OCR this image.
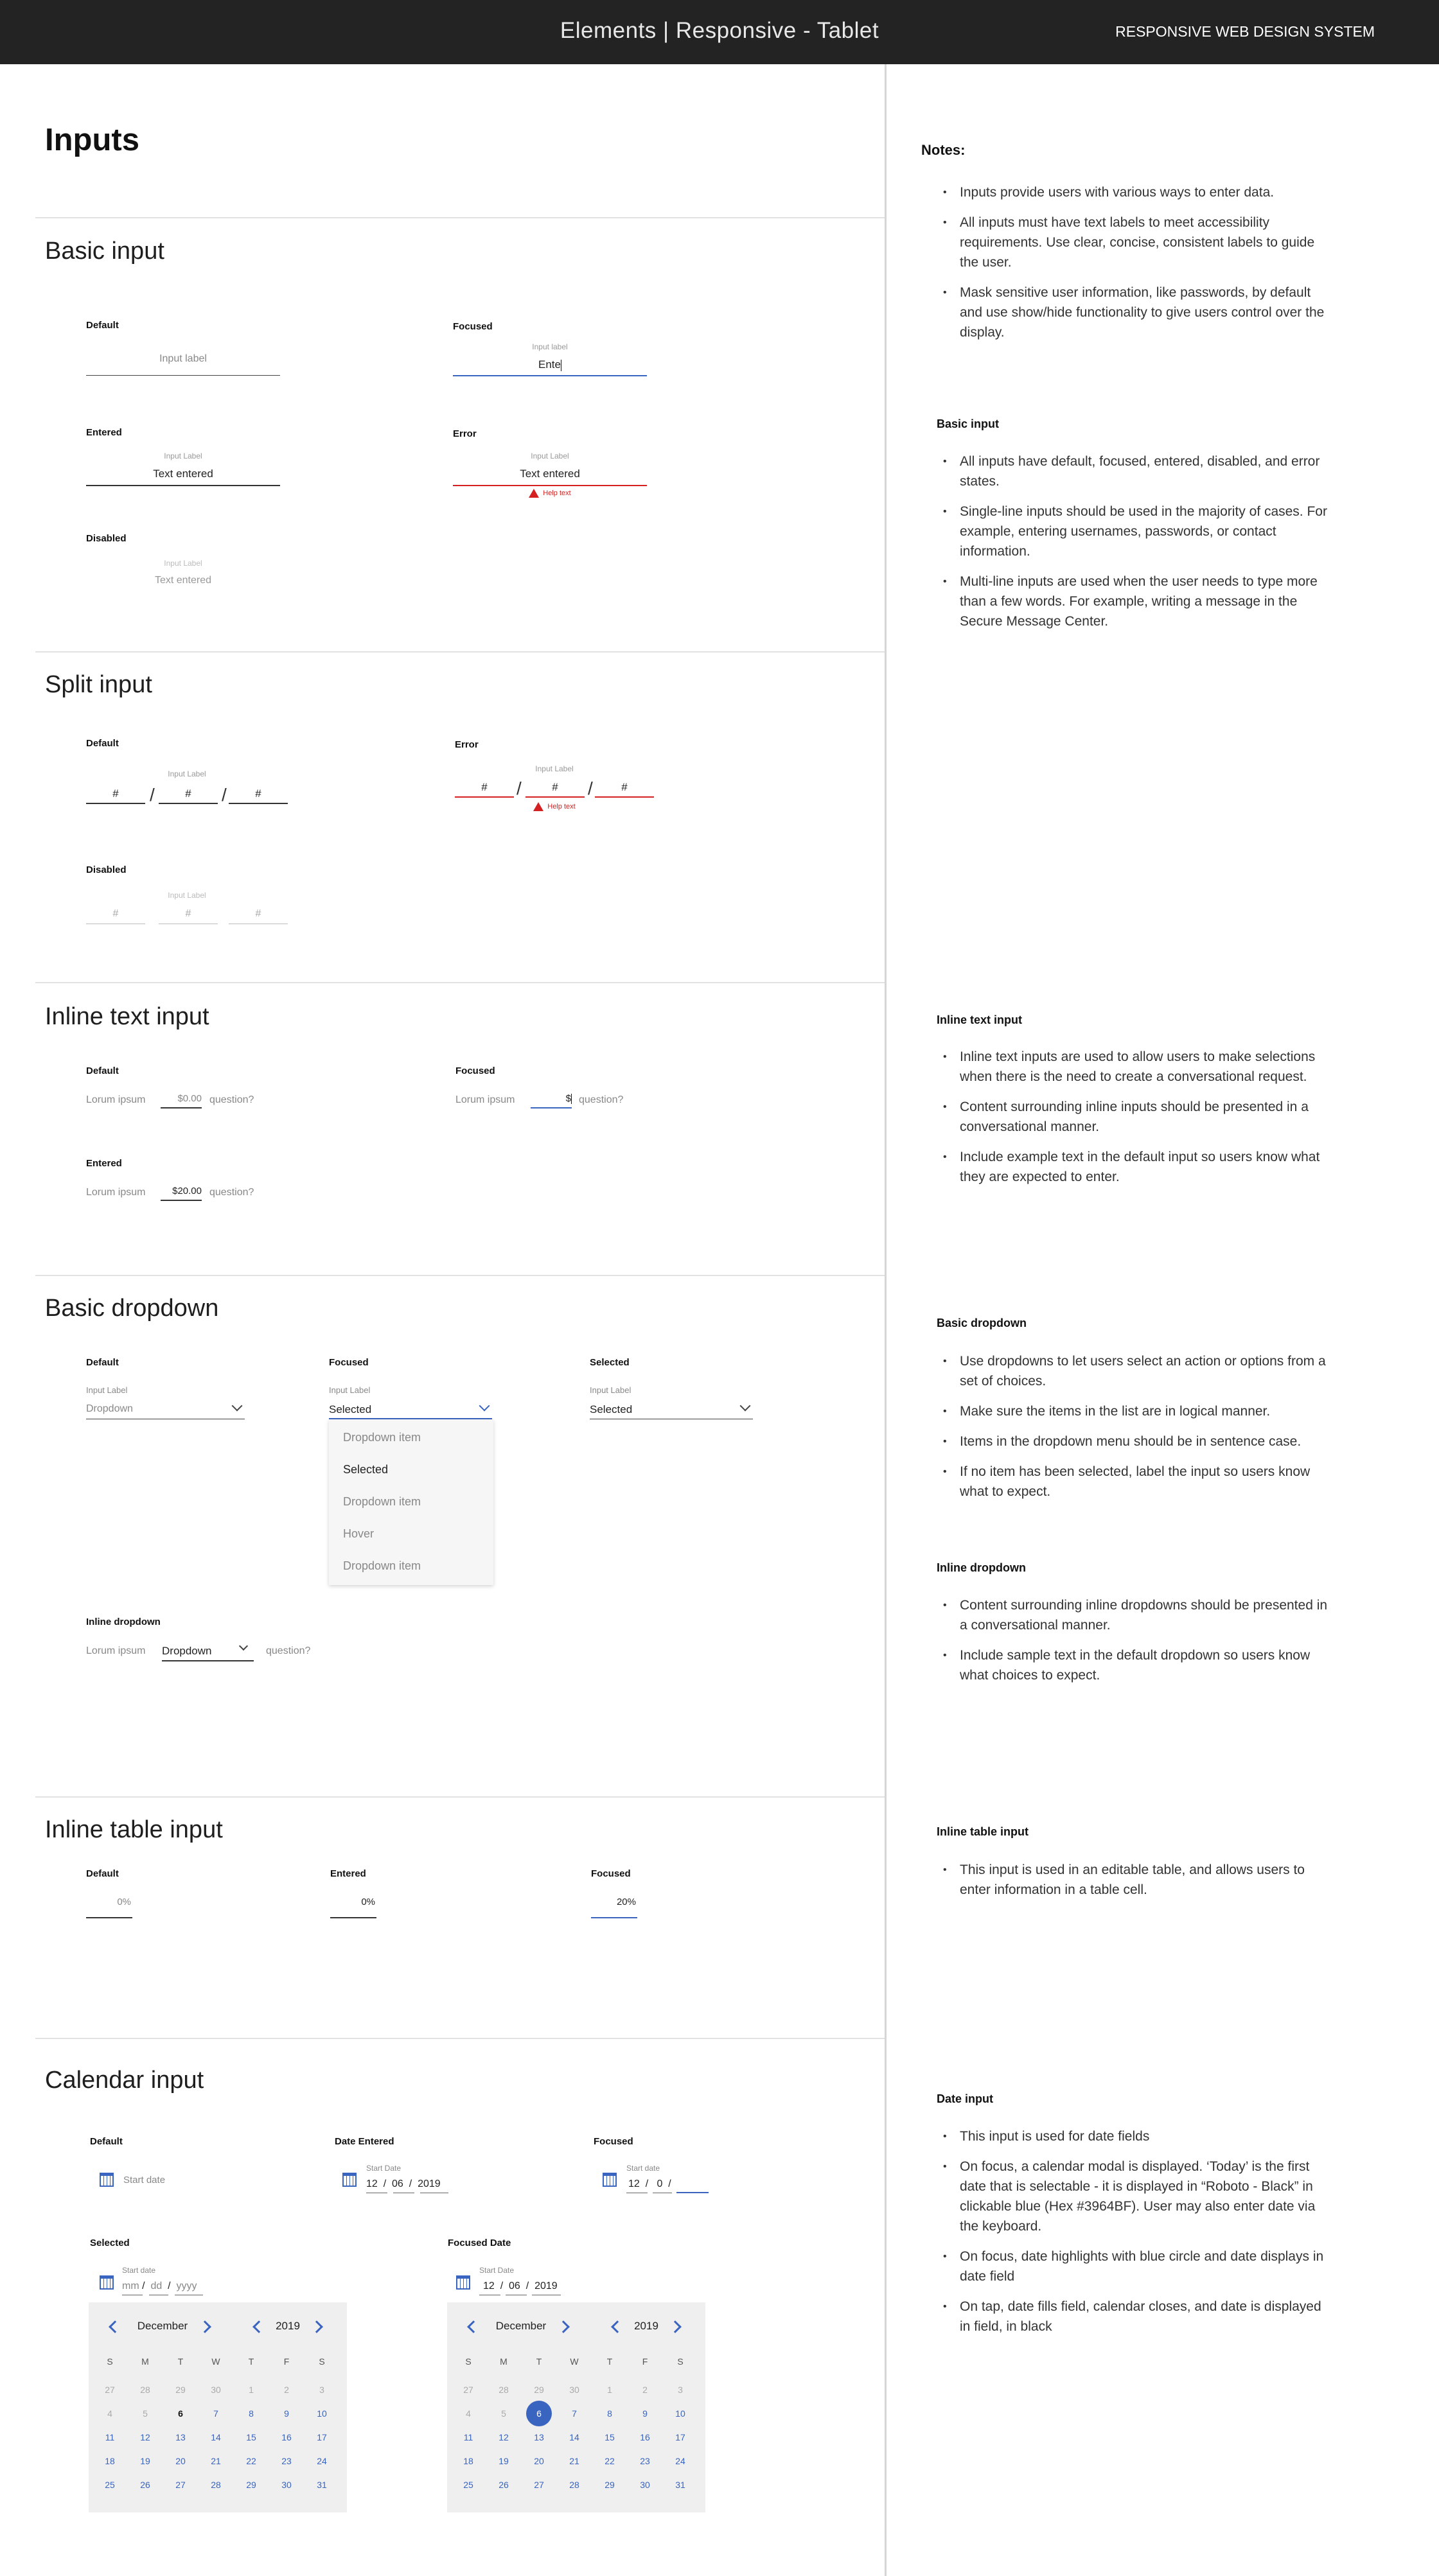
Elements | Responsive - Tablet	RESPONSIVE WEB DESIGN SYSTEM
Inputs
Basic input
Default
Input label
Focused
Input label
Ente
Entered
Input Label
Text entered
Error
Input Label
Text entered
Help text
Disabled
Input Label
Text entered
Split input
Default
Input Label
#	/	#	/	#
Error
Input Label
#	/	#	/	#
Help text
Disabled
Input Label
#	#	#
Inline text input
Default
Lorum ipsum	$0.00 question?
Focused
Lorum ipsum	$ question?
Entered
Lorum ipsum	$20.00 question?
Basic dropdown
Default
Input Label
Dropdown
Focused
Input Label
Selected
Dropdown item
Selected
Dropdown item
Hover
Dropdown item
Selected
Input Label
Selected
Inline dropdown
Lorum ipsum Dropdown	question?
Inline table input
Default
0%
Entered
0%
Focused
20%
Calendar input
Default
Start date
Date Entered
Start Date
12  /  06  /  2019
Focused
Start date
12  /   0  /
Selected
Start date
mm / dd / yyyy
December	2019
S	M	T	W	T	F	S
27	28	29	30	1	2	3
4	5	6	7	8	9	10
11	12	13	14	15	16	17
18	19	20	21	22	23	24
25	26	27	28	29	30	31
Focused Date
Start Date
12  /  06  /  2019
December	2019
S	M	T	W	T	F	S
27	28	29	30	1	2	3
4	5	6	7	8	9	10
11	12	13	14	15	16	17
18	19	20	21	22	23	24
25	26	27	28	29	30	31
Notes:
• Inputs provide users with various ways to enter data.
• All inputs must have text labels to meet accessibility requirements. Use clear, concise, consistent labels to guide the user.
• Mask sensitive user information, like passwords, by default and use show/hide functionality to give users control over the display.
Basic input
• All inputs have default, focused, entered, disabled, and error states.
• Single-line inputs should be used in the majority of cases. For example, entering usernames, passwords, or contact information.
• Multi-line inputs are used when the user needs to type more than a few words. For example, writing a message in the Secure Message Center.
Inline text input
• Inline text inputs are used to allow users to make selections when there is the need to create a conversational request.
• Content surrounding inline inputs should be presented in a conversational manner.
• Include example text in the default input so users know what they are expected to enter.
Basic dropdown
• Use dropdowns to let users select an action or options from a set of choices.
• Make sure the items in the list are in logical manner.
• Items in the dropdown menu should be in sentence case.
• If no item has been selected, label the input so users know what to expect.
Inline dropdown
• Content surrounding inline dropdowns should be presented in a conversational manner.
• Include sample text in the default dropdown so users know what choices to expect.
Inline table input
• This input is used in an editable table, and allows users to enter information in a table cell.
Date input
• This input is used for date fields
• On focus, a calendar modal is displayed. ‘Today’ is the first date that is selectable - it is displayed in “Roboto - Black” in clickable blue (Hex #3964BF). User may also enter date via the keyboard.
• On focus, date highlights with blue circle and date displays in date field
• On tap, date fills field, calendar closes, and date is displayed in field, in black
